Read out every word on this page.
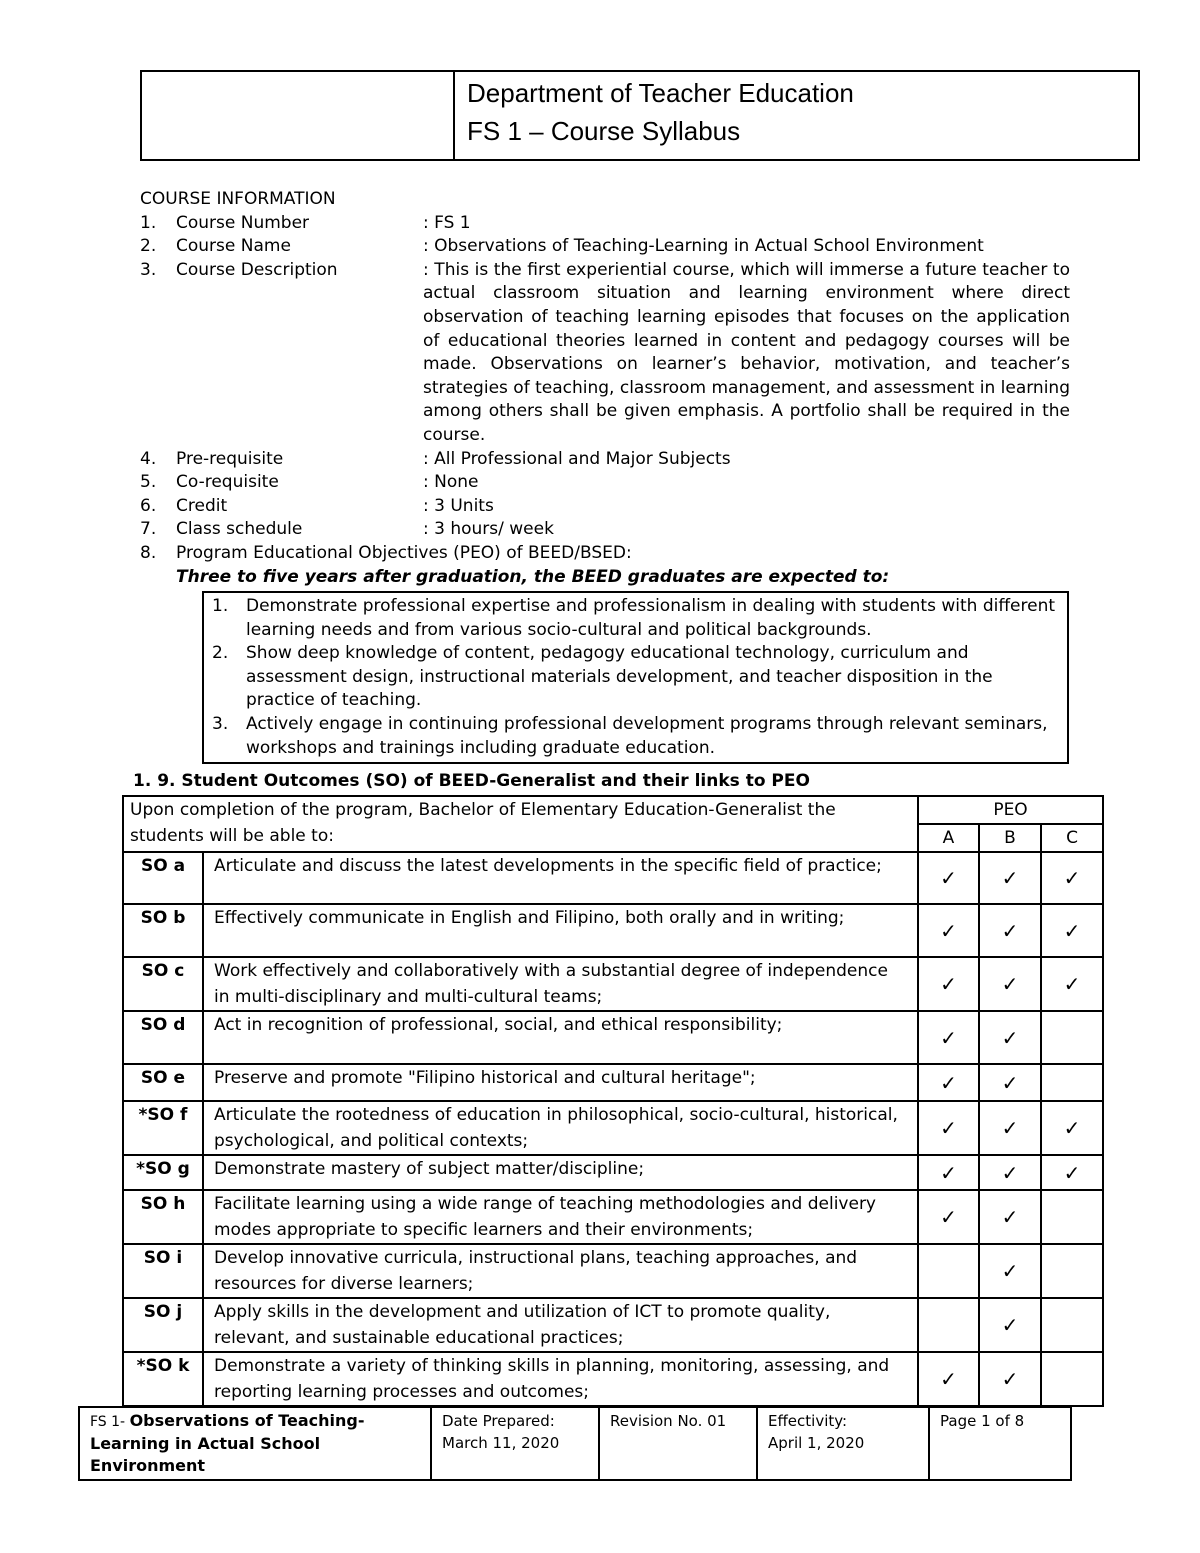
Department of Teacher Education
FS 1 – Course Syllabus
COURSE INFORMATION
1.	Course Number	: FS 1
2.	Course Name	: Observations of Teaching-Learning in Actual School Environment
3.	Course Description	: This is the first experiential course, which will immerse a future teacher to actual classroom situation and learning environment where direct observation of teaching learning episodes that focuses on the application of educational theories learned in content and pedagogy courses will be made. Observations on learner’s behavior, motivation, and teacher’s strategies of teaching, classroom management, and assessment in learning among others shall be given emphasis. A portfolio shall be required in the course.
4.	Pre-requisite	: All Professional and Major Subjects
5.	Co-requisite	: None
6.	Credit	: 3 Units
7.	Class schedule	: 3 hours/ week
8.	Program Educational Objectives (PEO) of BEED/BSED:
Three to five years after graduation, the BEED graduates are expected to:
1.	Demonstrate professional expertise and professionalism in dealing with students with different learning needs and from various socio-cultural and political backgrounds.
2.	Show deep knowledge of content, pedagogy educational technology, curriculum and assessment design, instructional materials development, and teacher disposition in the practice of teaching.
3.	Actively engage in continuing professional development programs through relevant seminars, workshops and trainings including graduate education.
1. 9. Student Outcomes (SO) of BEED-Generalist and their links to PEO
Upon completion of the program, Bachelor of Elementary Education-Generalist the students will be able to:		PEO		
		A	B	C
SO a	Articulate and discuss the latest developments in the specific field of practice;	✓	✓	✓
SO b	Effectively communicate in English and Filipino, both orally and in writing;	✓	✓	✓
SO c	Work effectively and collaboratively with a substantial degree of independence in multi-disciplinary and multi-cultural teams;	✓	✓	✓
SO d	Act in recognition of professional, social, and ethical responsibility;	✓	✓	
SO e	Preserve and promote "Filipino historical and cultural heritage";	✓	✓	
*SO f	Articulate the rootedness of education in philosophical, socio-cultural, historical, psychological, and political contexts;	✓	✓	✓
*SO g	Demonstrate mastery of subject matter/discipline;	✓	✓	✓
SO h	Facilitate learning using a wide range of teaching methodologies and delivery modes appropriate to specific learners and their environments;	✓	✓	
SO i	Develop innovative curricula, instructional plans, teaching approaches, and resources for diverse learners;		✓	
SO j	Apply skills in the development and utilization of ICT to promote quality, relevant, and sustainable educational practices;		✓	
*SO k	Demonstrate a variety of thinking skills in planning, monitoring, assessing, and reporting learning processes and outcomes;	✓	✓	
FS 1- Observations of Teaching-Learning in Actual School Environment	
Date Prepared:
March 11, 2020
	Revision No. 01	Effectivity:
April 1, 2020
	Page 1 of 8
